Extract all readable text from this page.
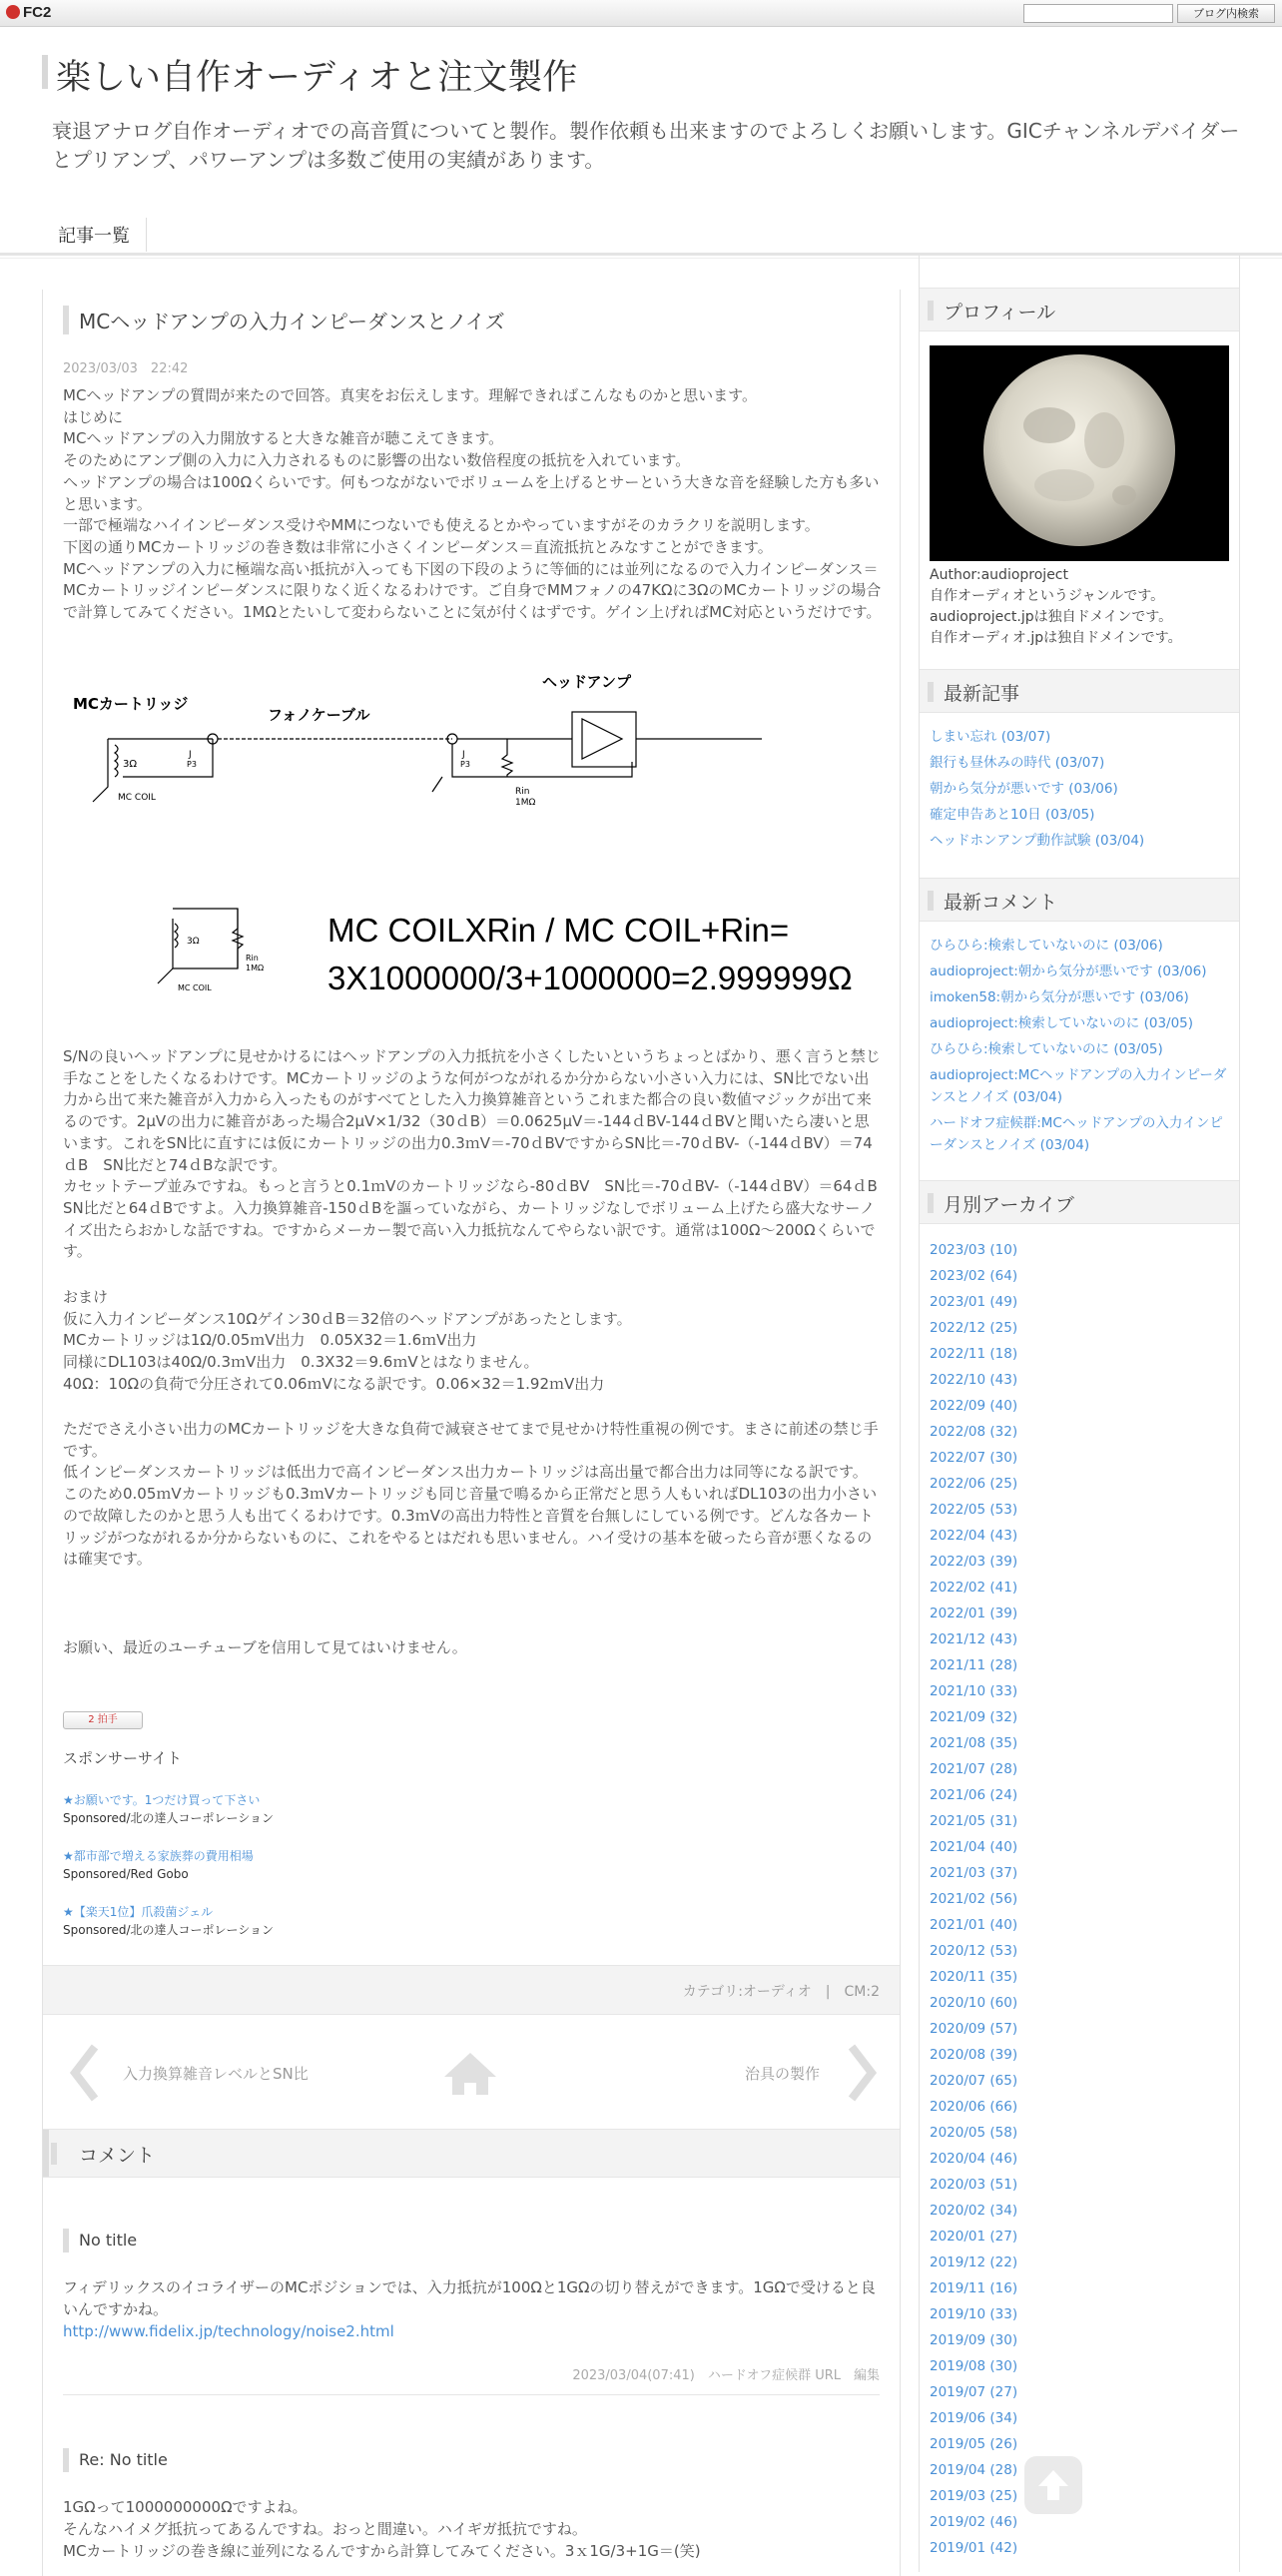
FC2	ブログ内検索
楽しい自作オーディオと注文製作
衰退アナログ自作オーディオでの高音質についてと製作。製作依頼も出来ますのでよろしくお願いします。GICチャンネルデバイダーとプリアンプ、パワーアンプは多数ご使用の実績があります。
記事一覧
MCヘッドアンプの入力インピーダンスとノイズ
2023/03/03　22:42

MCヘッドアンプの質問が来たので回答。真実をお伝えします。理解できればこんなものかと思います。

はじめに

MCヘッドアンプの入力開放すると大きな雑音が聴こえてきます。

そのためにアンプ側の入力に入力されるものに影響の出ない数倍程度の抵抗を入れています。

ヘッドアンプの場合は100Ωくらいです。何もつながないでボリュームを上げるとサーという大きな音を経験した方も多いと思います。

一部で極端なハイインピーダンス受けやMMにつないでも使えるとかやっていますがそのカラクリを説明します。

下図の通りMCカートリッジの巻き数は非常に小さくインピーダンス＝直流抵抗とみなすことができます。

MCヘッドアンプの入力に極端な高い抵抗が入っても下図の下段のように等価的には並列になるので入力インピーダンス＝MCカートリッジインピーダンスに限りなく近くなるわけです。ご自身でMMフォノの47KΩに3ΩのMCカートリッジの場合で計算してみてください。1MΩとたいして変わらないことに気が付くはずです。ゲイン上げればMC対応というだけです。

MCカートリッジ
フォノケーブル
ヘッドアンプ
3Ω
MC COIL
J
P3
J
P3
Rin
1MΩ
3Ω
MC COIL
Rin
1MΩ
MC COILXRin / MC COIL+Rin=
3X1000000/3+1000000=2.999999Ω

S/Nの良いヘッドアンプに見せかけるにはヘッドアンプの入力抵抗を小さくしたいというちょっとばかり、悪く言うと禁じ手なことをしたくなるわけです。MCカートリッジのような何がつながれるか分からない小さい入力には、SN比でない出力から出て来た雑音が入力から入ったものがすべてとした入力換算雑音というこれまた都合の良い数値マジックが出て来るのです。2μVの出力に雑音があった場合2μV×1/32（30ｄB）＝0.0625μV＝-144ｄBV-144ｄBVと聞いたら凄いと思います。これをSN比に直すには仮にカートリッジの出力0.3ｍV＝-70ｄBVですからSN比＝-70ｄBV-（-144ｄBV）＝74ｄB　SN比だと74ｄBな訳です。

カセットテープ並みですね。もっと言うと0.1ｍVのカートリッジなら-80ｄBV　SN比＝-70ｄBV-（-144ｄBV）＝64ｄB　SN比だと64ｄBですよ。入力換算雑音-150ｄBを謳っていながら、カートリッジなしでボリューム上げたら盛大なサーノイズ出たらおかしな話ですね。ですからメーカー製で高い入力抵抗なんてやらない訳です。通常は100Ω～200Ωくらいです。

おまけ

仮に入力インピーダンス10Ωゲイン30ｄB＝32倍のヘッドアンプがあったとします。

MCカートリッジは1Ω/0.05ｍV出力　0.05X32＝1.6ｍV出力

同様にDL103は40Ω/0.3ｍV出力　0.3X32＝9.6ｍVとはなりません。

40Ω：10Ωの負荷で分圧されて0.06ｍVになる訳です。0.06×32＝1.92ｍV出力

ただでさえ小さい出力のMCカートリッジを大きな負荷で減衰させてまで見せかけ特性重視の例です。まさに前述の禁じ手です。

低インピーダンスカートリッジは低出力で高インピーダンス出力カートリッジは高出量で都合出力は同等になる訳です。

このため0.05ｍVカートリッジも0.3ｍVカートリッジも同じ音量で鳴るから正常だと思う人もいればDL103の出力小さいので故障したのかと思う人も出てくるわけです。0.3ｍVの高出力特性と音質を台無しにしている例です。どんな各カートリッジがつながれるか分からないものに、これをやるとはだれも思いません。ハイ受けの基本を破ったら音が悪くなるのは確実です。

お願い、最近のユーチューブを信用して見てはいけません。
2 拍手
スポンサーサイト
★お願いです。1つだけ買って下さい
Sponsored/北の達人コーポレーション
★都市部で増える家族葬の費用相場
Sponsored/Red Gobo
★【楽天1位】爪殺菌ジェル
Sponsored/北の達人コーポレーション
カテゴリ:オーディオ　|　CM:2
入力換算雑音レベルとSN比	治具の製作
コメント
No title
フィデリックスのイコライザーのMCポジションでは、入力抵抗が100Ωと1GΩの切り替えができます。1GΩで受けると良いんですかね。
http://www.fidelix.jp/technology/noise2.html
2023/03/04(07:41)　ハードオフ症候群 URL　編集
Re: No title
1GΩって1000000000Ωですよね。
そんなハイメグ抵抗ってあるんですね。おっと間違い。ハイギガ抵抗ですね。
MCカートリッジの巻き線に並列になるんですから計算してみてください。3ｘ1G/3+1G＝(笑)
プロフィール
Author:audioproject
自作オーディオというジャンルです。
audioproject.jpは独自ドメインです。
自作オーディオ.jpは独自ドメインです。
最新記事
しまい忘れ (03/07)
銀行も昼休みの時代 (03/07)
朝から気分が悪いです (03/06)
確定申告あと10日 (03/05)
ヘッドホンアンプ動作試験 (03/04)
最新コメント
ひらひら:検索していないのに (03/06)
audioproject:朝から気分が悪いです (03/06)
imoken58:朝から気分が悪いです (03/06)
audioproject:検索していないのに (03/05)
ひらひら:検索していないのに (03/05)
audioproject:MCヘッドアンプの入力インピーダンスとノイズ (03/04)
ハードオフ症候群:MCヘッドアンプの入力インピーダンスとノイズ (03/04)
月別アーカイブ
2023/03 (10)
2023/02 (64)
2023/01 (49)
2022/12 (25)
2022/11 (18)
2022/10 (43)
2022/09 (40)
2022/08 (32)
2022/07 (30)
2022/06 (25)
2022/05 (53)
2022/04 (43)
2022/03 (39)
2022/02 (41)
2022/01 (39)
2021/12 (43)
2021/11 (28)
2021/10 (33)
2021/09 (32)
2021/08 (35)
2021/07 (28)
2021/06 (24)
2021/05 (31)
2021/04 (40)
2021/03 (37)
2021/02 (56)
2021/01 (40)
2020/12 (53)
2020/11 (35)
2020/10 (60)
2020/09 (57)
2020/08 (39)
2020/07 (65)
2020/06 (66)
2020/05 (58)
2020/04 (46)
2020/03 (51)
2020/02 (34)
2020/01 (27)
2019/12 (22)
2019/11 (16)
2019/10 (33)
2019/09 (30)
2019/08 (30)
2019/07 (27)
2019/06 (34)
2019/05 (26)
2019/04 (28)
2019/03 (25)
2019/02 (46)
2019/01 (42)
